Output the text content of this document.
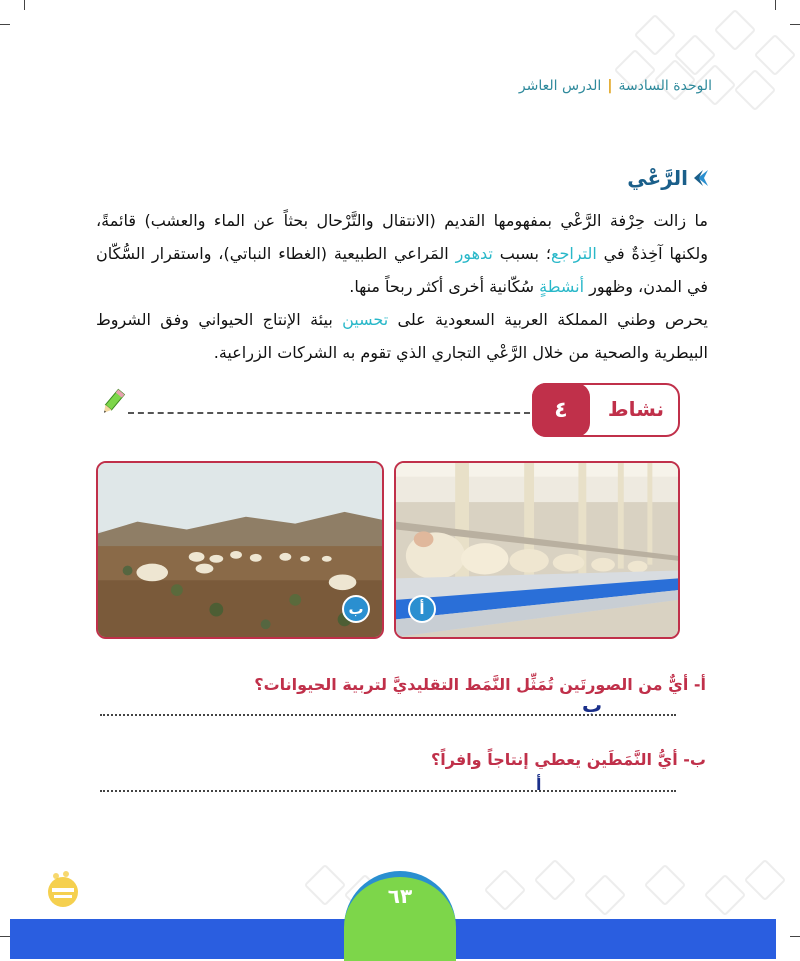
الوحدة السادسة|الدرس العاشر
الرَّعْي
ما زالت حِرْفة الرَّعْي بمفهومها القديم (الانتقال والتَّرْحال بحثاً عن الماء والعشب) قائمةً، ولكنها آخِذةٌ في التراجع؛ بسبب تدهور المَراعي الطبيعية (الغطاء النباتي)، واستقرار السُّكّان في المدن، وظهور أنشطةٍ سُكّانية أخرى أكثر ربحاً منها.
يحرص وطني المملكة العربية السعودية على تحسين بيئة الإنتاج الحيواني وفق الشروط البيطرية والصحية من خلال الرَّعْي التجاري الذي تقوم به الشركات الزراعية.
نشاط
٤
أ
ب
أ- أيٌّ من الصورتَين تُمَثِّل النَّمَط التقليديَّ لتربية الحيوانات؟
ب
ب- أيُّ النَّمَطَين يعطي إنتاجاً وافراً؟
أ
٦٣
